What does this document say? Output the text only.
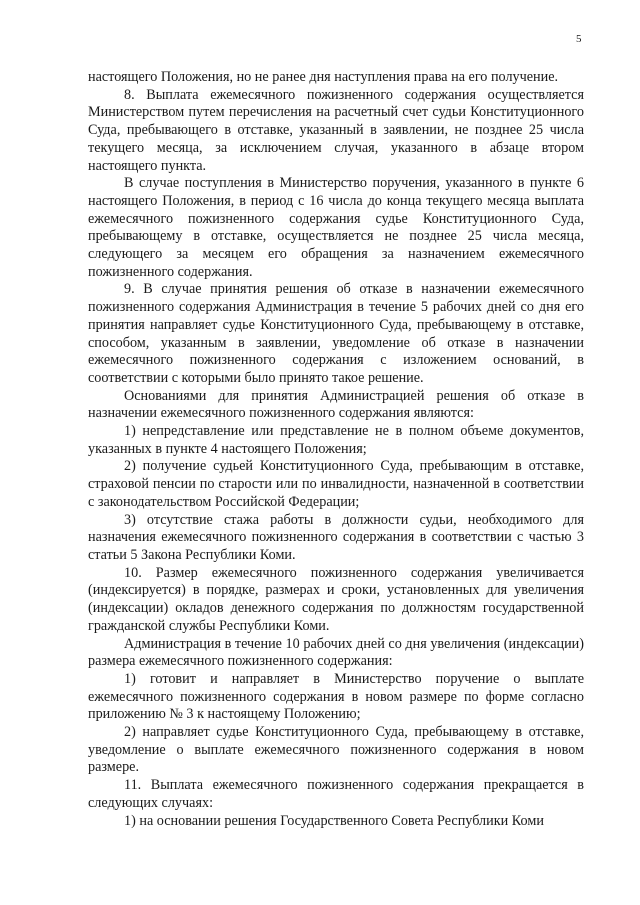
5

настоящего Положения, но не ранее дня наступления права на его получение.

8. Выплата ежемесячного пожизненного содержания осуществляется Министерством путем перечисления на расчетный счет судьи Конституционного Суда, пребывающего в отставке, указанный в заявлении, не позднее 25 числа текущего месяца, за исключением случая, указанного в абзаце втором настоящего пункта.

В случае поступления в Министерство поручения, указанного в пункте 6 настоящего Положения, в период с 16 числа до конца текущего месяца выплата ежемесячного пожизненного содержания судье Конституционного Суда, пребывающему в отставке, осуществляется не позднее 25 числа месяца, следующего за месяцем его обращения за назначением ежемесячного пожизненного содержания.

9. В случае принятия решения об отказе в назначении ежемесячного пожизненного содержания Администрация в течение 5 рабочих дней со дня его принятия направляет судье Конституционного Суда, пребывающему в отставке, способом, указанным в заявлении, уведомление об отказе в назначении ежемесячного пожизненного содержания с изложением оснований, в соответствии с которыми было принято такое решение.

Основаниями для принятия Администрацией решения об отказе в назначении ежемесячного пожизненного содержания являются:

1) непредставление или представление не в полном объеме документов, указанных в пункте 4 настоящего Положения;

2) получение судьей Конституционного Суда, пребывающим в отставке, страховой пенсии по старости или по инвалидности, назначенной в соответствии с законодательством Российской Федерации;

3) отсутствие стажа работы в должности судьи, необходимого для назначения ежемесячного пожизненного содержания в соответствии с частью 3 статьи 5 Закона Республики Коми.

10. Размер ежемесячного пожизненного содержания увеличивается (индексируется) в порядке, размерах и сроки, установленных для увеличения (индексации) окладов денежного содержания по должностям государственной гражданской службы Республики Коми.

Администрация в течение 10 рабочих дней со дня увеличения (индексации) размера ежемесячного пожизненного содержания:

1) готовит и направляет в Министерство поручение о выплате ежемесячного пожизненного содержания в новом размере по форме согласно приложению № 3 к настоящему Положению;

2) направляет судье Конституционного Суда, пребывающему в отставке, уведомление о выплате ежемесячного пожизненного содержания в новом размере.

11. Выплата ежемесячного пожизненного содержания прекращается в следующих случаях:

1) на основании решения Государственного Совета Республики Коми
